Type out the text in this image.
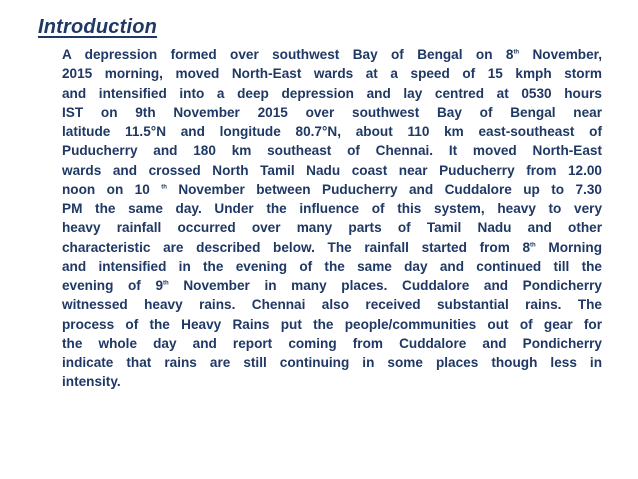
Introduction
A depression formed over southwest Bay of Bengal on 8th November,
2015 morning, moved North-East wards at a speed of 15 kmph storm
and intensified into a deep depression and lay centred at 0530 hours
IST on 9th November 2015 over southwest Bay of Bengal near
latitude 11.5°N and longitude 80.7°N, about 110 km east-southeast of
Puducherry and 180 km southeast of Chennai. It moved North-East
wards and crossed North Tamil Nadu coast near Puducherry from 12.00
noon on 10 $^{th}$ November between Puducherry and Cuddalore up to 7.30
PM the same day. Under the influence of this system, heavy to very
heavy rainfall occurred over many parts of Tamil Nadu and other
characteristic are described below. The rainfall started from 8th Morning
and intensified in the evening of the same day and continued till the
evening of 9th November in many places. Cuddalore and Pondicherry
witnessed heavy rains. Chennai also received substantial rains. The
process of the Heavy Rains put the people/communities out of gear for
the whole day and report coming from Cuddalore and Pondicherry
indicate that rains are still continuing in some places though less in
intensity.
